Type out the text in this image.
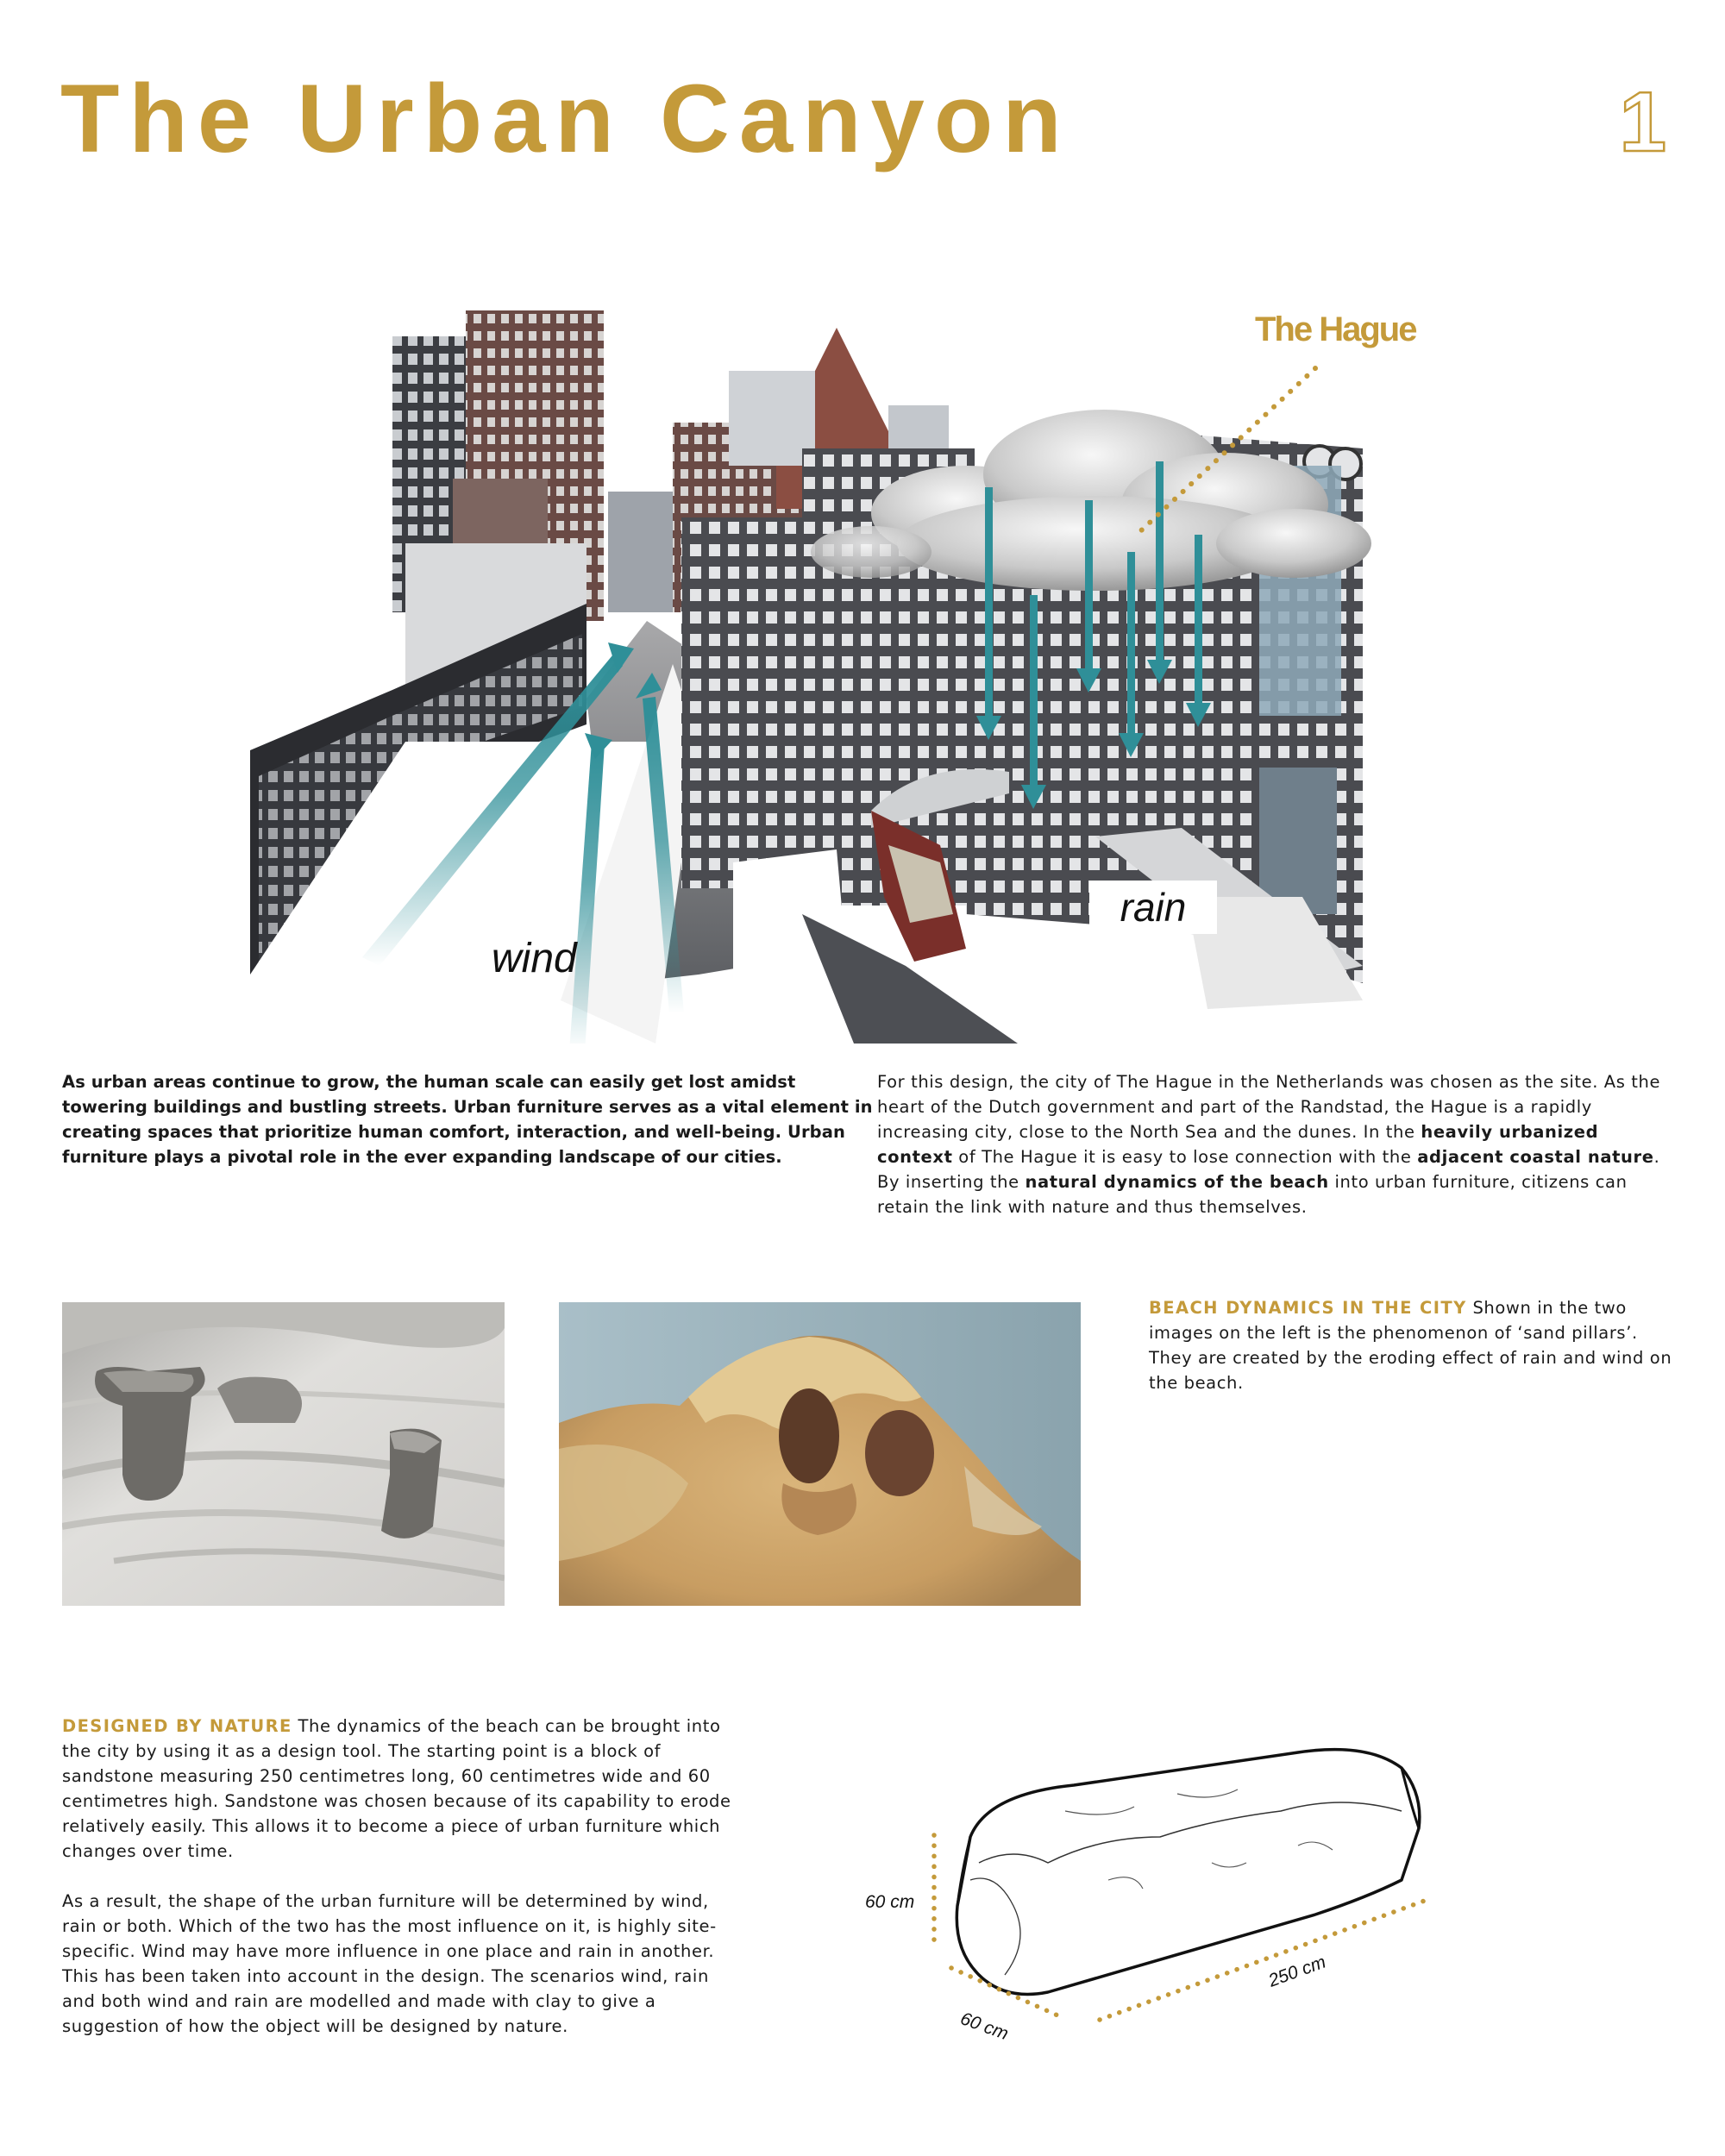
The Urban Canyon	1
The Hague
rain
wind

As urban areas continue to grow, the human scale can easily get lost amidst towering buildings and bustling streets. Urban furniture serves as a vital element in creating spaces that prioritize human comfort, interaction, and well-being. Urban furniture plays a pivotal role in the ever expanding landscape of our cities.

For this design, the city of The Hague in the Netherlands was chosen as the site. As the heart of the Dutch government and part of the Randstad, the Hague is a rapidly increasing city, close to the North Sea and the dunes. In the heavily urbanized context of The Hague it is easy to lose connection with the adjacent coastal nature. By inserting the natural dynamics of the beach into urban furniture, citizens can retain the link with nature and thus themselves.

BEACH DYNAMICS IN THE CITY Shown in the two images on the left is the phenomenon of ‘sand pillars’. They are created by the eroding effect of rain and wind on the beach.

DESIGNED BY NATURE The dynamics of the beach can be brought into the city by using it as a design tool. The starting point is a block of sandstone measuring 250 centimetres long, 60 centimetres wide and 60 centimetres high. Sandstone was chosen because of its capability to erode relatively easily. This allows it to become a piece of urban furniture which changes over time.

As a result, the shape of the urban furniture will be determined by wind, rain or both. Which of the two has the most influence on it, is highly site-specific. Wind may have more influence in one place and rain in another. This has been taken into account in the design. The scenarios wind, rain and both wind and rain are modelled and made with clay to give a suggestion of how the object will be designed by nature.

60 cm
60 cm
250 cm
